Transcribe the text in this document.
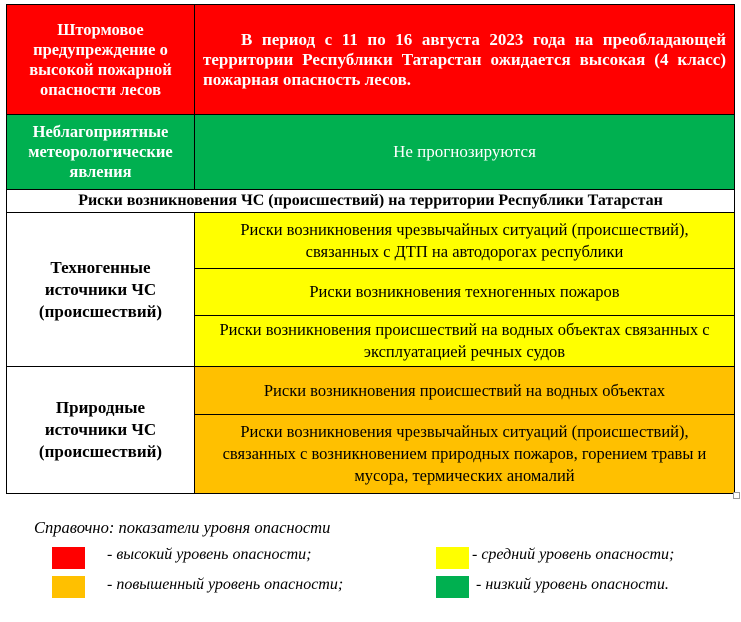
Штормовое предупреждение о высокой пожарной опасности лесов	В период с 11 по 16 августа 2023 года на преобладающей территории Республики Татарстан ожидается высокая (4 класс) пожарная опасность лесов.
Неблагоприятные метеорологические явления	Не прогнозируются
Риски возникновения ЧС (происшествий) на территории Республики Татарстан	
Техногенные источники ЧС (происшествий)	Риски возникновения чрезвычайных ситуаций (происшествий), связанных с ДТП на автодорогах республики
	Риски возникновения техногенных пожаров
	Риски возникновения происшествий на водных объектах связанных с эксплуатацией речных судов
Природные источники ЧС (происшествий)	Риски возникновения происшествий на водных объектах
	Риски возникновения чрезвычайных ситуаций (происшествий), связанных с возникновением природных пожаров, горением травы и мусора, термических аномалий
Справочно: показатели уровня опасности
- высокий уровень опасности;	- средний уровень опасности;
- повышенный уровень опасности;	- низкий уровень опасности.
